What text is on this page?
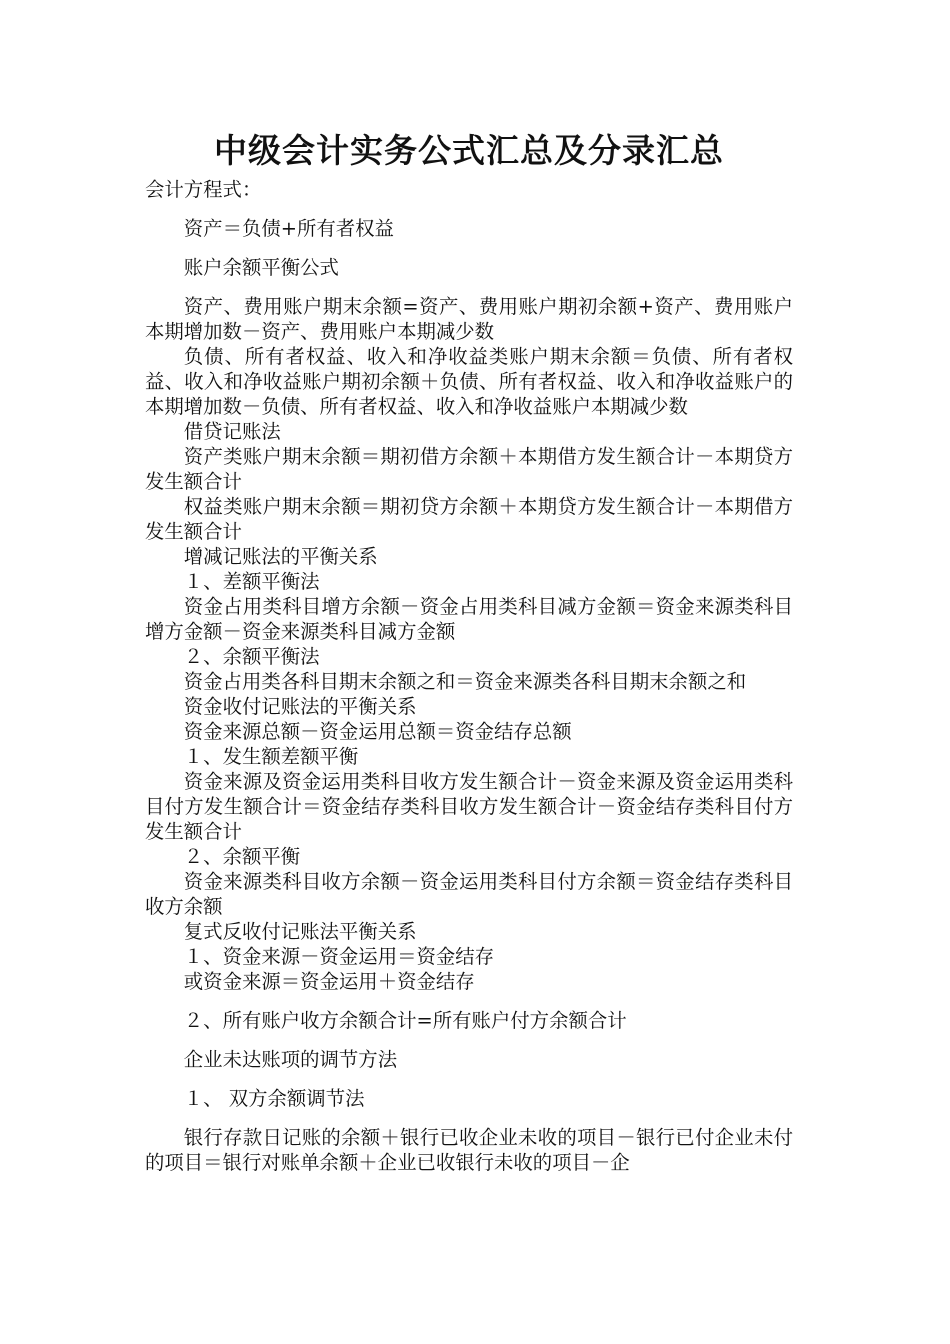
中级会计实务公式汇总及分录汇总

会计方程式：

资产＝负债+所有者权益

账户余额平衡公式

资产、费用账户期末余额=资产、费用账户期初余额+资产、费用账户本期增加数－资产、费用账户本期减少数

负债、所有者权益、收入和净收益类账户期末余额＝负债、所有者权益、收入和净收益账户期初余额＋负债、所有者权益、收入和净收益账户的本期增加数－负债、所有者权益、收入和净收益账户本期减少数

借贷记账法

资产类账户期末余额＝期初借方余额＋本期借方发生额合计－本期贷方发生额合计

权益类账户期末余额＝期初贷方余额＋本期贷方发生额合计－本期借方发生额合计

增减记账法的平衡关系

１、差额平衡法

资金占用类科目增方余额－资金占用类科目减方金额＝资金来源类科目增方金额－资金来源类科目减方金额

２、余额平衡法

资金占用类各科目期末余额之和＝资金来源类各科目期末余额之和

资金收付记账法的平衡关系

资金来源总额－资金运用总额＝资金结存总额

１、发生额差额平衡

资金来源及资金运用类科目收方发生额合计－资金来源及资金运用类科目付方发生额合计＝资金结存类科目收方发生额合计－资金结存类科目付方发生额合计

２、余额平衡

资金来源类科目收方余额－资金运用类科目付方余额＝资金结存类科目收方余额

复式反收付记账法平衡关系

１、资金来源－资金运用＝资金结存

或资金来源＝资金运用＋资金结存

２、所有账户收方余额合计=所有账户付方余额合计

企业未达账项的调节方法

１、 双方余额调节法

银行存款日记账的余额＋银行已收企业未收的项目－银行已付企业未付的项目＝银行对账单余额＋企业已收银行未收的项目－企
